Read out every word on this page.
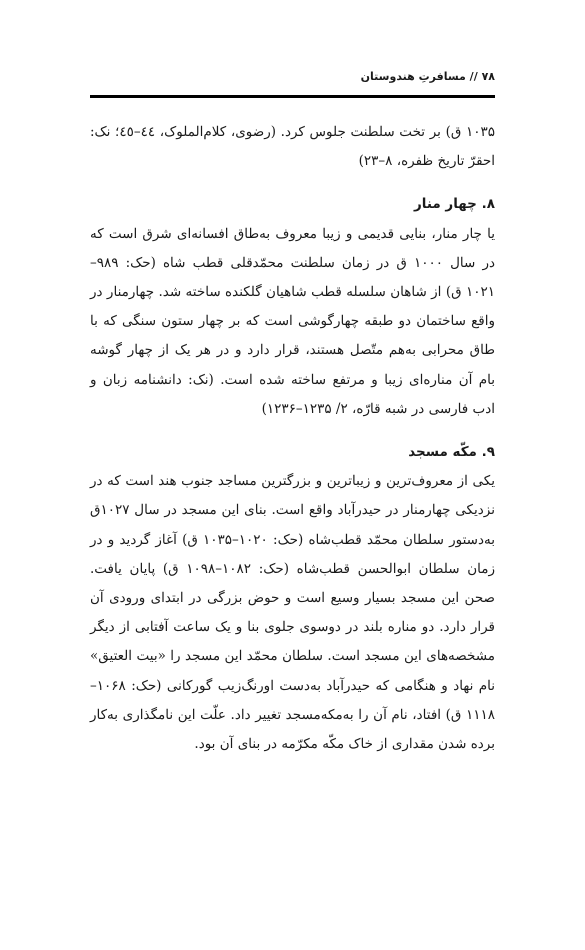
۷۸ // مسافرتِ هندوستان

۱۰۳۵ ق) بر تخت سلطنت جلوس کرد. (رضوی، کلام‌الملوک، ٤٤–٤٥؛ نک: احقرّ تاریخ ظفره، ٨–٢٣)

۸. چهار منار

یا چار منار، بنایی قدیمی و زیبا معروف به‌طاق افسانه‌ای شرق است که در سال ۱۰۰۰ ق در زمان سلطنت محمّدقلی قطب شاه (حک: ۹۸۹– ۱۰۲۱ ق) از شاهان سلسله قطب شاهیان گلکنده ساخته شد. چهارمنار در واقع ساختمان دو طبقه چهارگوشی است که بر چهار ستون سنگی که با طاق محرابی به‌هم متّصل هستند، قرار دارد و در هر یک از چهار گوشه بام آن مناره‌ای زیبا و مرتفع ساخته شده است. (نک: دانشنامه زبان و ادب فارسی در شبه قارّه، ۲/ ۱۲۳۵–۱۲۳۶)

۹. مکّه مسجد

یکی از معروف‌ترین و زیباترین و بزرگترین مساجد جنوب هند است که در نزدیکی چهارمنار در حیدرآباد واقع است. بنای این مسجد در سال ۱۰۲۷ق به‌دستور سلطان محمّد قطب‌شاه (حک: ۱۰۲۰–۱۰۳۵ ق) آغاز گردید و در زمان سلطان ابوالحسن قطب‌شاه (حک: ۱۰۸۲–۱۰۹۸ ق) پایان یافت. صحن این مسجد بسیار وسیع است و حوض بزرگی در ابتدای ورودی آن قرار دارد. دو مناره بلند در دوسوی جلوی بنا و یک ساعت آفتابی از دیگر مشخصه‌های این مسجد است. سلطان محمّد این مسجد را «بیت العتیق» نام نهاد و هنگامی که حیدرآباد به‌دست اورنگ‌زیب گورکانی (حک: ۱۰۶۸–۱۱۱۸ ق) افتاد، نام آن را به‌مکه‌مسجد تغییر داد. علّت این نامگذاری به‌کار برده شدن مقداری از خاک مکّه مکرّمه در بنای آن بود.
